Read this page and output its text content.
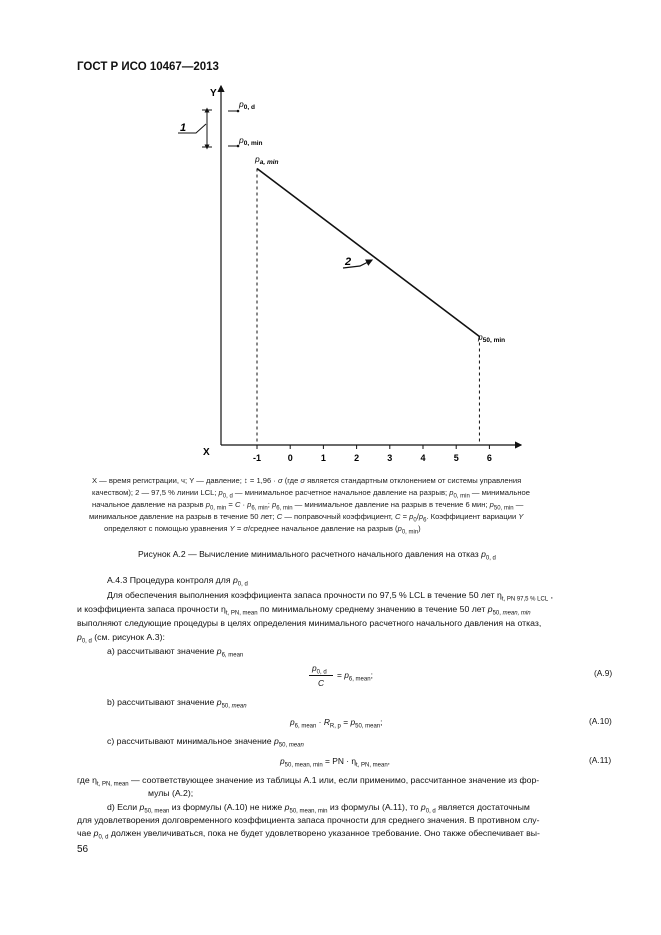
ГОСТ Р ИСО 10467—2013
Y
X	-1	0	1	2	3	4	5	6
1
2
$p_{0, d}$
$p_{0, min}$
$p_{a, min}$
$p_{50, min}$
X — время регистрации, ч; Y — давление; ↕ = 1,96 · σ (где σ является стандартным отклонением от системы управления
качеством); 2 — 97,5 % линии LCL; $p_{0, d}$ — минимальное расчетное начальное давление на разрыв; $p_{0, min}$ — минимальное
начальное давление на разрыв $p_{0, min} = C \cdot p_{6, min}$; $p_{6, min}$ — минимальное давление на разрыв в течение 6 мин; $p_{50, min}$ —
минимальное давление на разрыв в течение 50 лет; C — поправочный коэффициент, $C = p_0/p_6$. Коэффициент вариации Y
определяют с помощью уравнения Y = σ/среднее начальное давление на разрыв $(p_{0, min})$
Рисунок А.2 — Вычисление минимального расчетного начального давления на отказ $p_{0, d}$
А.4.3 Процедура контроля для $p_{0, d}$
Для обеспечения выполнения коэффициента запаса прочности по 97,5 % LCL в течение 50 лет $\eta_{t, PN 97,5 \% LCL}$ ,
и коэффициента запаса прочности $\eta_{t, PN, mean}$ по минимальному среднему значению в течение 50 лет $p_{50, mean, min}$
выполняют следующие процедуры в целях определения минимального расчетного начального давления на отказ,
$p_{0, d}$ (см. рисунок А.3):
а) рассчитывают значение $p_{6, mean}$
$p_{0, d}$
C
= $p_{6, mean}$;	(А.9)
b) рассчитывают значение $p_{50, mean}$
$p_{6, mean} \cdot R_{R, p} = p_{50, mean}$;	(А.10)
с) рассчитывают минимальное значение $p_{50, mean}$
$p_{50, mean, min}$ = PN · $\eta_{t, PN, mean}$,	(А.11)
где $\eta_{t, PN, mean}$ — соответствующее значение из таблицы А.1 или, если применимо, рассчитанное значение из фор-
мулы (А.2);
d) Если $p_{50, mean}$ из формулы (А.10) не ниже $p_{50, mean, min}$ из формулы (А.11), то $p_{0, d}$ является достаточным
для удовлетворения долговременного коэффициента запаса прочности для среднего значения. В противном слу-
чае $p_{0, d}$ должен увеличиваться, пока не будет удовлетворено указанное требование. Оно также обеспечивает вы-
56
